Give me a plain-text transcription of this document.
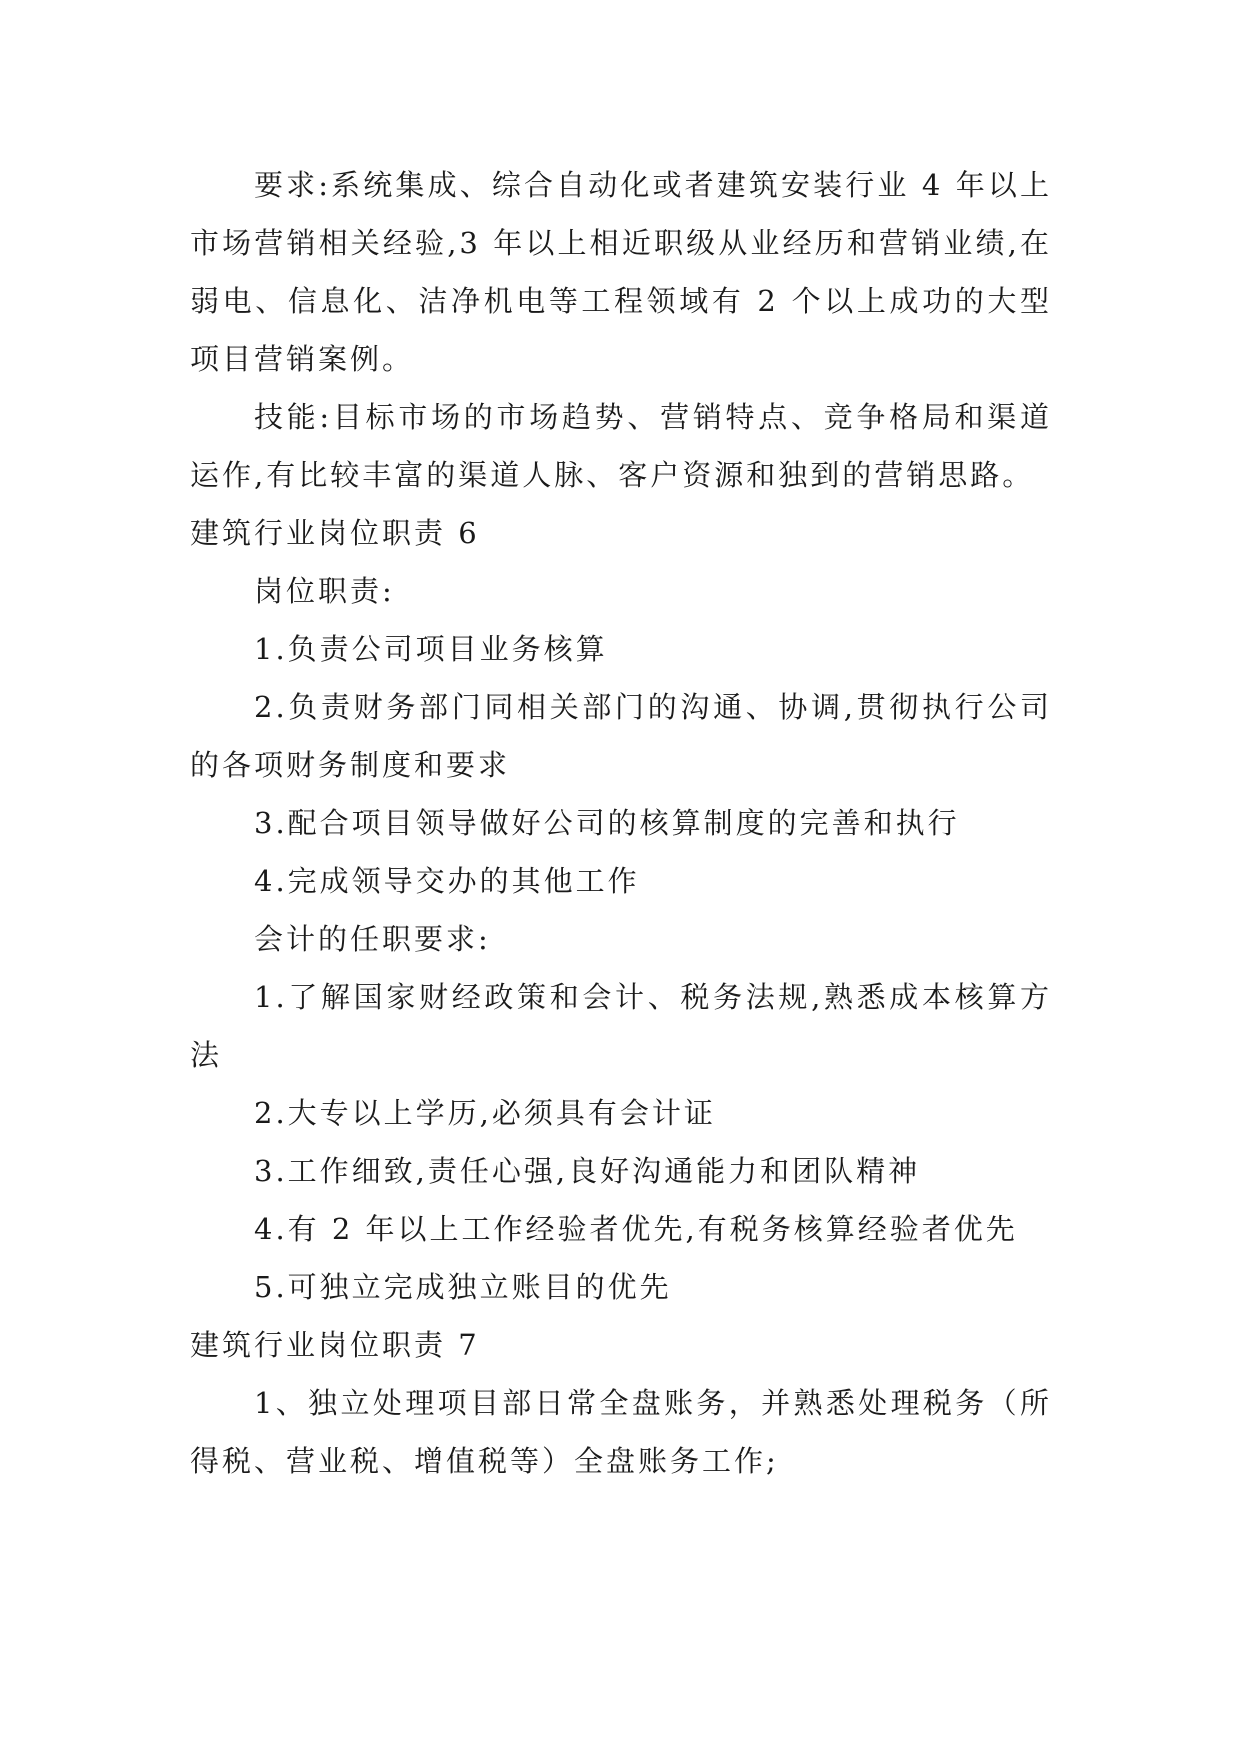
要求:系统集成、综合自动化或者建筑安装行业 4 年以上市场营销相关经验,3 年以上相近职级从业经历和营销业绩,在弱电、信息化、洁净机电等工程领域有 2 个以上成功的大型项目营销案例。

技能:目标市场的市场趋势、营销特点、竞争格局和渠道运作,有比较丰富的渠道人脉、客户资源和独到的营销思路。

建筑行业岗位职责 6

岗位职责:

1.负责公司项目业务核算

2.负责财务部门同相关部门的沟通、协调,贯彻执行公司的各项财务制度和要求

3.配合项目领导做好公司的核算制度的完善和执行

4.完成领导交办的其他工作

会计的任职要求:

1.了解国家财经政策和会计、税务法规,熟悉成本核算方法

2.大专以上学历,必须具有会计证

3.工作细致,责任心强,良好沟通能力和团队精神

4.有 2 年以上工作经验者优先,有税务核算经验者优先

5.可独立完成独立账目的优先

建筑行业岗位职责 7

1、独立处理项目部日常全盘账务，并熟悉处理税务（所得税、营业税、增值税等）全盘账务工作;
